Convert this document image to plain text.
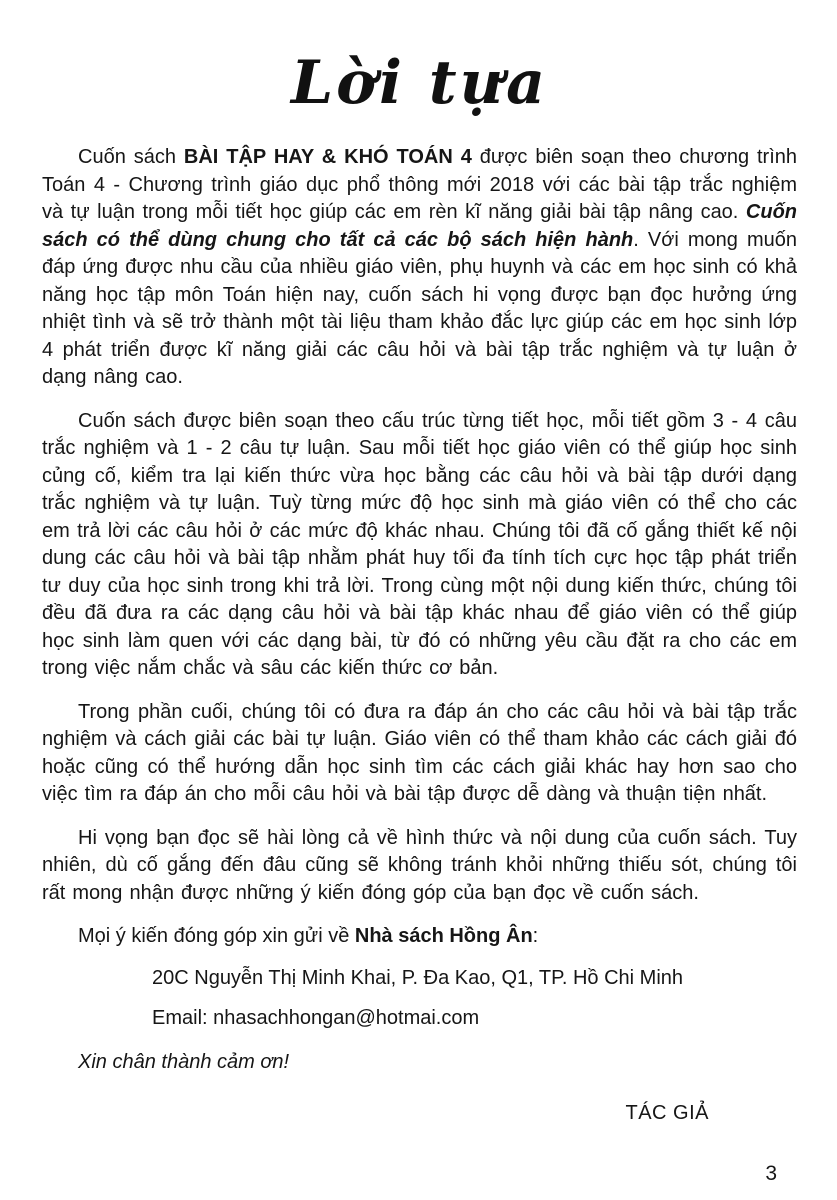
Lời tựa

Cuốn sách BÀI TẬP HAY & KHÓ TOÁN 4 được biên soạn theo chương trình Toán 4 - Chương trình giáo dục phổ thông mới 2018 với các bài tập trắc nghiệm và tự luận trong mỗi tiết học giúp các em rèn kĩ năng giải bài tập nâng cao. Cuốn sách có thể dùng chung cho tất cả các bộ sách hiện hành. Với mong muốn đáp ứng được nhu cầu của nhiều giáo viên, phụ huynh và các em học sinh có khả năng học tập môn Toán hiện nay, cuốn sách hi vọng được bạn đọc hưởng ứng nhiệt tình và sẽ trở thành một tài liệu tham khảo đắc lực giúp các em học sinh lớp 4 phát triển được kĩ năng giải các câu hỏi và bài tập trắc nghiệm và tự luận ở dạng nâng cao.

Cuốn sách được biên soạn theo cấu trúc từng tiết học, mỗi tiết gồm 3 - 4 câu trắc nghiệm và 1 - 2 câu tự luận. Sau mỗi tiết học giáo viên có thể giúp học sinh củng cố, kiểm tra lại kiến thức vừa học bằng các câu hỏi và bài tập dưới dạng trắc nghiệm và tự luận. Tuỳ từng mức độ học sinh mà giáo viên có thể cho các em trả lời các câu hỏi ở các mức độ khác nhau. Chúng tôi đã cố gắng thiết kế nội dung các câu hỏi và bài tập nhằm phát huy tối đa tính tích cực học tập phát triển tư duy của học sinh trong khi trả lời. Trong cùng một nội dung kiến thức, chúng tôi đều đã đưa ra các dạng câu hỏi và bài tập khác nhau để giáo viên có thể giúp học sinh làm quen với các dạng bài, từ đó có những yêu cầu đặt ra cho các em trong việc nắm chắc và sâu các kiến thức cơ bản.

Trong phần cuối, chúng tôi có đưa ra đáp án cho các câu hỏi và bài tập trắc nghiệm và cách giải các bài tự luận. Giáo viên có thể tham khảo các cách giải đó hoặc cũng có thể hướng dẫn học sinh tìm các cách giải khác hay hơn sao cho việc tìm ra đáp án cho mỗi câu hỏi và bài tập được dễ dàng và thuận tiện nhất.

Hi vọng bạn đọc sẽ hài lòng cả về hình thức và nội dung của cuốn sách. Tuy nhiên, dù cố gắng đến đâu cũng sẽ không tránh khỏi những thiếu sót, chúng tôi rất mong nhận được những ý kiến đóng góp của bạn đọc về cuốn sách.

Mọi ý kiến đóng góp xin gửi về Nhà sách Hồng Ân:

20C Nguyễn Thị Minh Khai, P. Đa Kao, Q1, TP. Hồ Chi Minh

Email: nhasachhongan@hotmai.com

Xin chân thành cảm ơn!

TÁC GIẢ

3
